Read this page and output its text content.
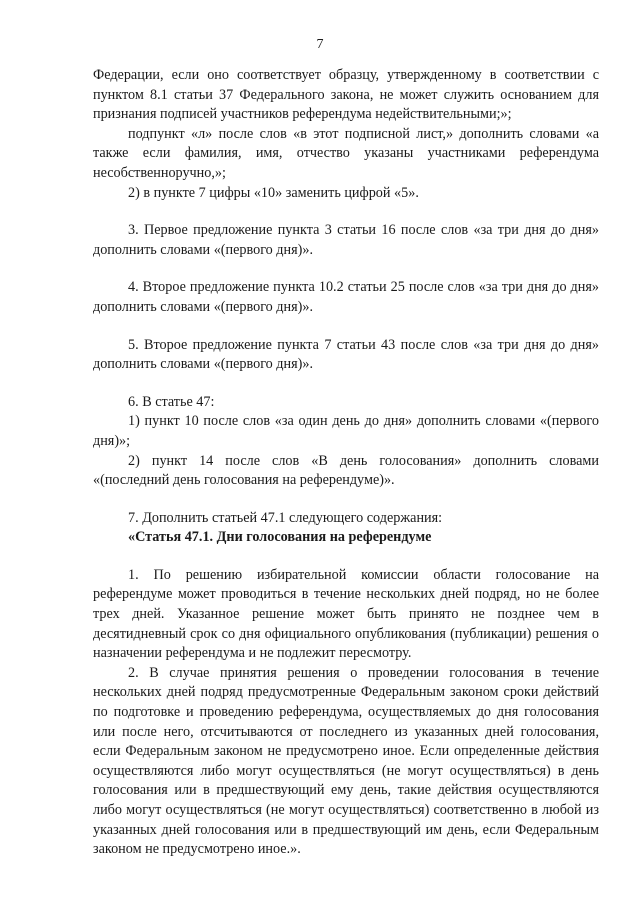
7

Федерации, если оно соответствует образцу, утвержденному в соответствии с пунктом 8.1 статьи 37 Федерального закона, не может служить основанием для признания подписей участников референдума недействительными;»;

подпункт «л» после слов «в этот подписной лист,» дополнить словами «а также если фамилия, имя, отчество указаны участниками референдума несобственноручно,»;

2) в пункте 7 цифры «10» заменить цифрой «5».

3. Первое предложение пункта 3 статьи 16 после слов «за три дня до дня» дополнить словами «(первого дня)».

4. Второе предложение пункта 10.2 статьи 25 после слов «за три дня до дня» дополнить словами «(первого дня)».

5. Второе предложение пункта 7 статьи 43 после слов «за три дня до дня» дополнить словами «(первого дня)».

6. В статье 47:

1) пункт 10 после слов «за один день до дня» дополнить словами «(первого дня)»;

2) пункт 14 после слов «В день голосования» дополнить словами «(последний день голосования на референдуме)».

7. Дополнить статьей 47.1 следующего содержания:

«Статья 47.1. Дни голосования на референдуме

1. По решению избирательной комиссии области голосование на референдуме может проводиться в течение нескольких дней подряд, но не более трех дней. Указанное решение может быть принято не позднее чем в десятидневный срок со дня официального опубликования (публикации) решения о назначении референдума и не подлежит пересмотру.

2. В случае принятия решения о проведении голосования в течение нескольких дней подряд предусмотренные Федеральным законом сроки действий по подготовке и проведению референдума, осуществляемых до дня голосования или после него, отсчитываются от последнего из указанных дней голосования, если Федеральным законом не предусмотрено иное. Если определенные действия осуществляются либо могут осуществляться (не могут осуществляться) в день голосования или в предшествующий ему день, такие действия осуществляются либо могут осуществляться (не могут осуществляться) соответственно в любой из указанных дней голосования или в предшествующий им день, если Федеральным законом не предусмотрено иное.».
